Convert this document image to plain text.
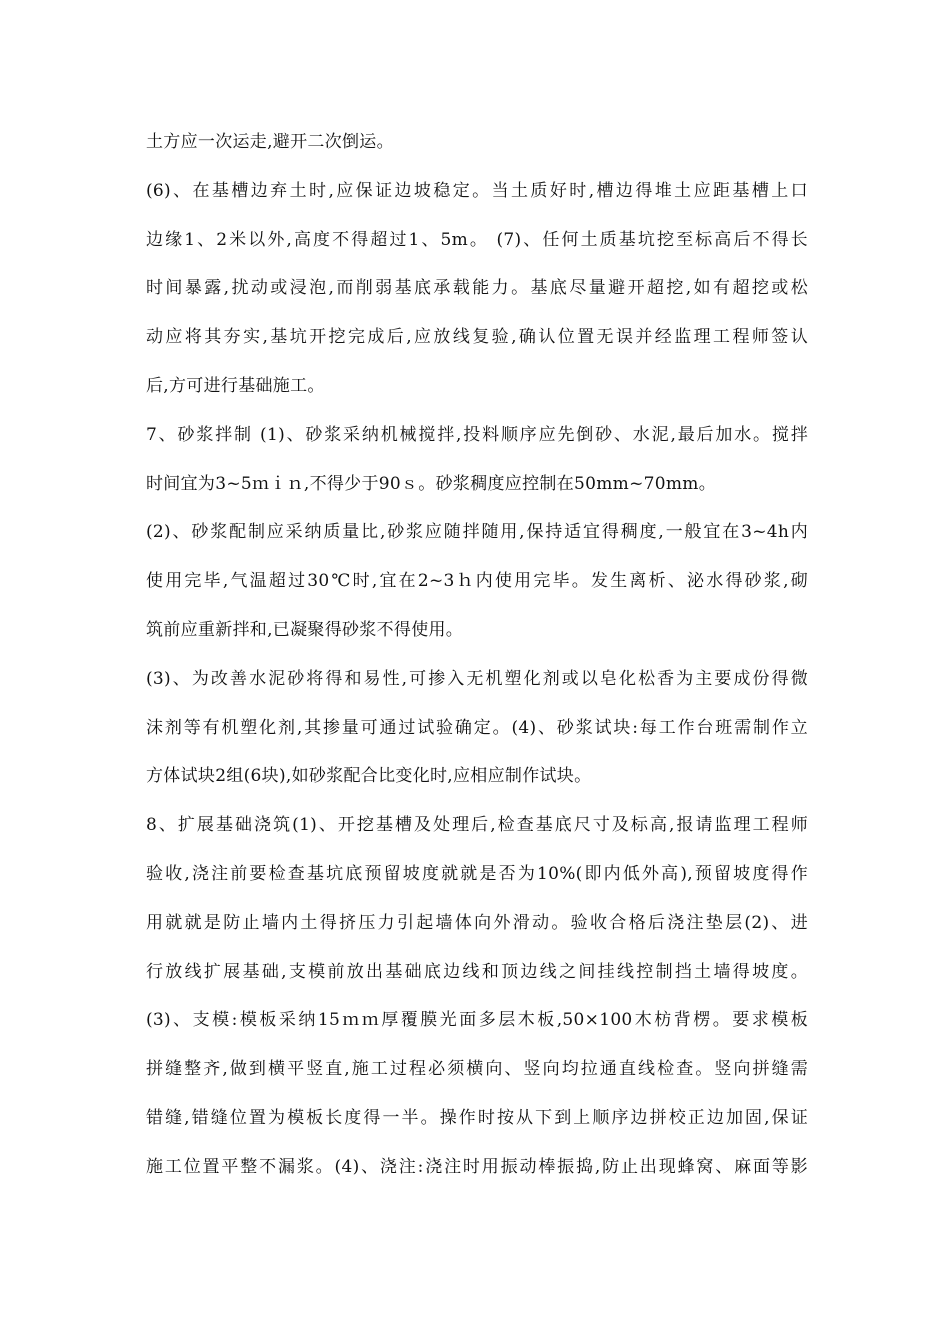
土方应一次运走,避开二次倒运。
(6)、在基槽边弃土时,应保证边坡稳定。当土质好时,槽边得堆土应距基槽上口
边缘1、2米以外,高度不得超过1、5m。 (7)、任何土质基坑挖至标高后不得长
时间暴露,扰动或浸泡,而削弱基底承载能力。基底尽量避开超挖,如有超挖或松
动应将其夯实,基坑开挖完成后,应放线复验,确认位置无误并经监理工程师签认
后,方可进行基础施工。
7、砂浆拌制 (1)、砂浆采纳机械搅拌,投料顺序应先倒砂、水泥,最后加水。搅拌
时间宜为3~5ｍｉｎ,不得少于90ｓ。砂浆稠度应控制在50mm~70mm。
(2)、砂浆配制应采纳质量比,砂浆应随拌随用,保持适宜得稠度,一般宜在3~4h内
使用完毕,气温超过30℃时,宜在2~3ｈ内使用完毕。发生离析、泌水得砂浆,砌
筑前应重新拌和,已凝聚得砂浆不得使用。
(3)、为改善水泥砂将得和易性,可掺入无机塑化剂或以皂化松香为主要成份得微
沫剂等有机塑化剂,其掺量可通过试验确定。(4)、砂浆试块:每工作台班需制作立
方体试块2组(6块),如砂浆配合比变化时,应相应制作试块。
8、扩展基础浇筑(1)、开挖基槽及处理后,检查基底尺寸及标高,报请监理工程师
验收,浇注前要检查基坑底预留坡度就就是否为10%(即内低外高),预留坡度得作
用就就是防止墙内土得挤压力引起墙体向外滑动。验收合格后浇注垫层(2)、进
行放线扩展基础,支模前放出基础底边线和顶边线之间挂线控制挡土墙得坡度。
(3)、支模:模板采纳15ｍｍ厚覆膜光面多层木板,50×100木枋背楞。要求模板
拼缝整齐,做到横平竖直,施工过程必须横向、竖向均拉通直线检查。竖向拼缝需
错缝,错缝位置为模板长度得一半。操作时按从下到上顺序边拼校正边加固,保证
施工位置平整不漏浆。(4)、浇注:浇注时用振动棒振捣,防止出现蜂窝、麻面等影
